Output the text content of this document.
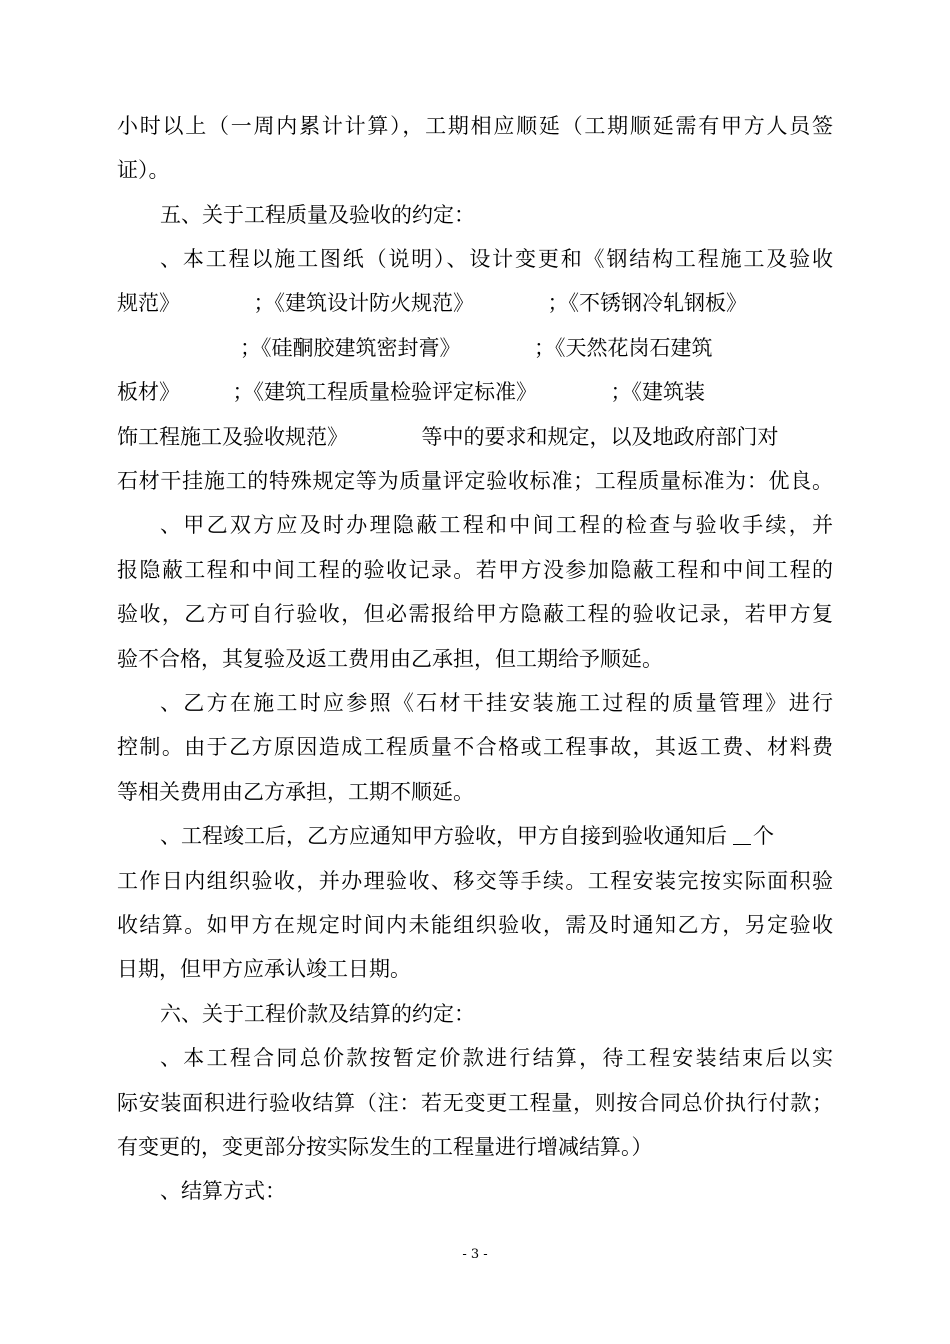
小时以上（一周内累计计算），工期相应顺延（工期顺延需有甲方人员签
证）。
五、关于工程质量及验收的约定：
、本工程以施工图纸（说明）、设计变更和《钢结构工程施工及验收
规范》　　　　；《建筑设计防火规范》　　　　；《不锈钢冷轧钢板》
；《硅酮胶建筑密封膏》　　　　；《天然花岗石建筑
板材》　　　；《建筑工程质量检验评定标准》　　　　；《建筑装
饰工程施工及验收规范》　　　　等中的要求和规定，以及地政府部门对
石材干挂施工的特殊规定等为质量评定验收标准；工程质量标准为：优良。
、甲乙双方应及时办理隐蔽工程和中间工程的检查与验收手续，并
报隐蔽工程和中间工程的验收记录。若甲方没参加隐蔽工程和中间工程的
验收，乙方可自行验收，但必需报给甲方隐蔽工程的验收记录，若甲方复
验不合格，其复验及返工费用由乙承担，但工期给予顺延。
、乙方在施工时应参照《石材干挂安装施工过程的质量管理》进行
控制。由于乙方原因造成工程质量不合格或工程事故，其返工费、材料费
等相关费用由乙方承担，工期不顺延。
、工程竣工后，乙方应通知甲方验收，甲方自接到验收通知后 个
工作日内组织验收，并办理验收、移交等手续。工程安装完按实际面积验
收结算。如甲方在规定时间内未能组织验收，需及时通知乙方，另定验收
日期，但甲方应承认竣工日期。
六、关于工程价款及结算的约定：
、本工程合同总价款按暂定价款进行结算，待工程安装结束后以实
际安装面积进行验收结算（注：若无变更工程量，则按合同总价执行付款；
有变更的，变更部分按实际发生的工程量进行增减结算。）
、结算方式：
- 3 -
